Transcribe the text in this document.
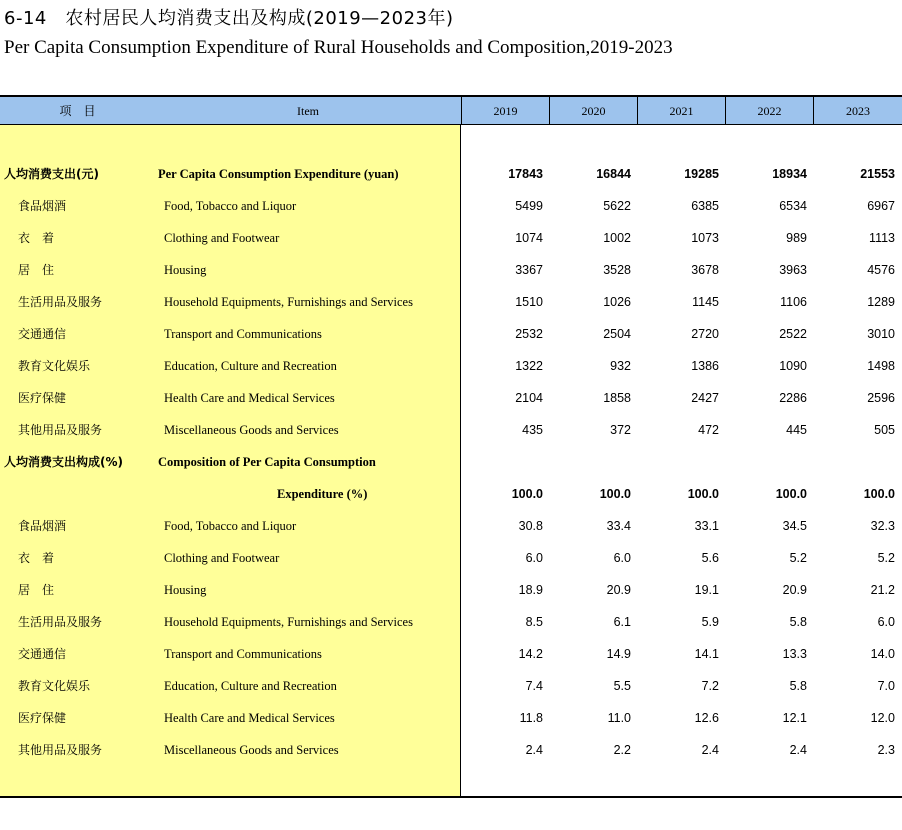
6-14　农村居民人均消费支出及构成(2019—2023年)
Per Capita Consumption Expenditure of Rural Households and Composition,2019-2023
项　目	Item	2019	2020	2021	2022	2023
人均消费支出(元)	Per Capita Consumption Expenditure (yuan)	17843	16844	19285	18934	21553
食品烟酒	Food, Tobacco and Liquor	5499	5622	6385	6534	6967
衣　着	Clothing and Footwear	1074	1002	1073	989	1113
居　住	Housing	3367	3528	3678	3963	4576
生活用品及服务	Household Equipments, Furnishings and Services	1510	1026	1145	1106	1289
交通通信	Transport and Communications	2532	2504	2720	2522	3010
教育文化娱乐	Education, Culture and Recreation	1322	932	1386	1090	1498
医疗保健	Health Care and Medical Services	2104	1858	2427	2286	2596
其他用品及服务	Miscellaneous Goods and Services	435	372	472	445	505
人均消费支出构成(%)	Composition of Per Capita Consumption
Expenditure (%)	100.0	100.0	100.0	100.0	100.0
食品烟酒	Food, Tobacco and Liquor	30.8	33.4	33.1	34.5	32.3
衣　着	Clothing and Footwear	6.0	6.0	5.6	5.2	5.2
居　住	Housing	18.9	20.9	19.1	20.9	21.2
生活用品及服务	Household Equipments, Furnishings and Services	8.5	6.1	5.9	5.8	6.0
交通通信	Transport and Communications	14.2	14.9	14.1	13.3	14.0
教育文化娱乐	Education, Culture and Recreation	7.4	5.5	7.2	5.8	7.0
医疗保健	Health Care and Medical Services	11.8	11.0	12.6	12.1	12.0
其他用品及服务	Miscellaneous Goods and Services	2.4	2.2	2.4	2.4	2.3
